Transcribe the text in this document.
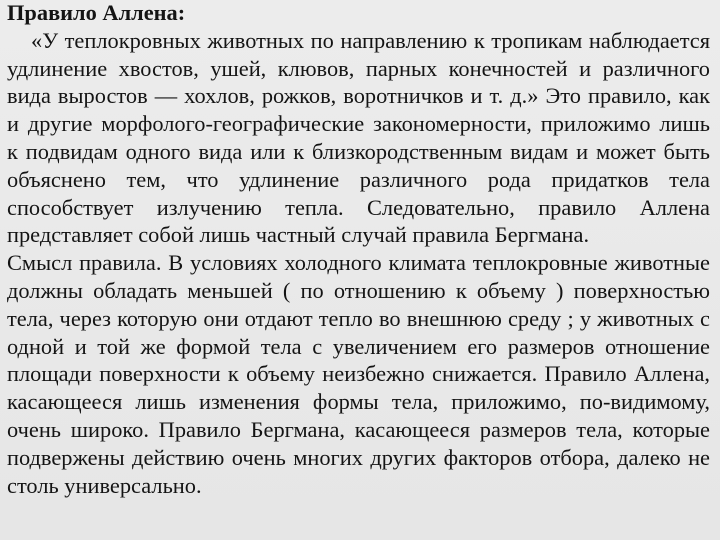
Правило Аллена:

«У теплокровных животных по направлению к тропикам наблюдается удлинение хвостов, ушей, клювов, парных конечностей и различного вида выростов — хохлов, рожков, воротничков и т. д.» Это правило, как и другие морфолого-географические закономерности, приложимо лишь к подвидам одного вида или к близкородственным видам и может быть объяснено тем, что удлинение различного рода придатков тела способствует излучению тепла. Следовательно, правило Аллена представляет собой лишь частный случай правила Бергмана.

Смысл правила. В условиях холодного климата теплокровные животные должны обладать меньшей ( по отношению к объему ) поверхностью тела, через которую они отдают тепло во внешнюю среду ; у животных с одной и той же формой тела с увеличением его размеров отношение площади поверхности к объему неизбежно снижается. Правило Аллена, касающееся лишь изменения формы тела, приложимо, по-видимому, очень широко. Правило Бергмана, касающееся размеров тела, которые подвержены действию очень многих других факторов отбора, далеко не столь универсально.
